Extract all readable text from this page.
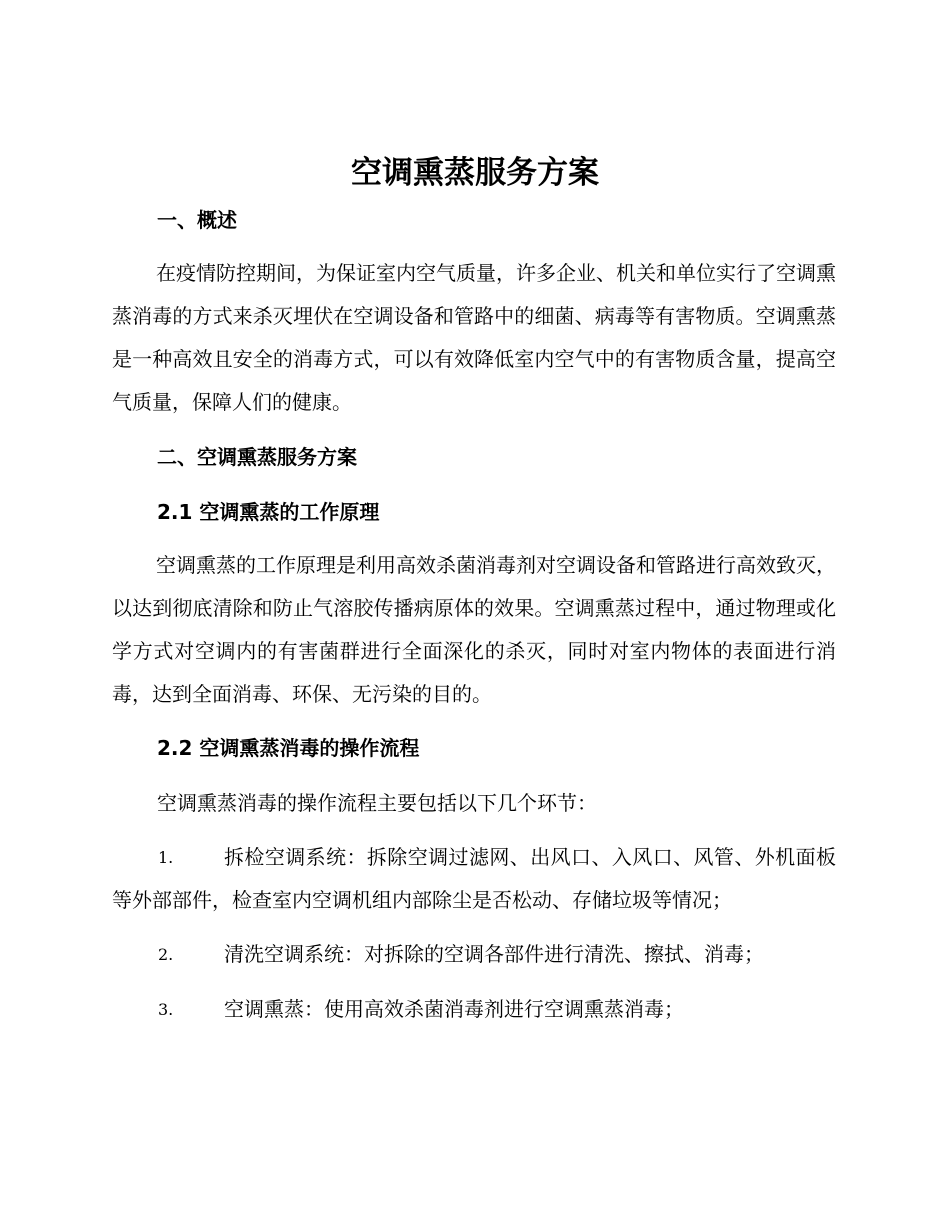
空调熏蒸服务方案
一、概述
在疫情防控期间，为保证室内空气质量，许多企业、机关和单位实行了空调熏蒸消毒的方式来杀灭埋伏在空调设备和管路中的细菌、病毒等有害物质。空调熏蒸是一种高效且安全的消毒方式，可以有效降低室内空气中的有害物质含量，提高空气质量，保障人们的健康。
二、空调熏蒸服务方案
2.1 空调熏蒸的工作原理
空调熏蒸的工作原理是利用高效杀菌消毒剂对空调设备和管路进行高效致灭，以达到彻底清除和防止气溶胶传播病原体的效果。空调熏蒸过程中，通过物理或化学方式对空调内的有害菌群进行全面深化的杀灭，同时对室内物体的表面进行消毒，达到全面消毒、环保、无污染的目的。
2.2 空调熏蒸消毒的操作流程
空调熏蒸消毒的操作流程主要包括以下几个环节：
1.	拆检空调系统：拆除空调过滤网、出风口、入风口、风管、外机面板等外部部件，检查室内空调机组内部除尘是否松动、存储垃圾等情况；
2.	清洗空调系统：对拆除的空调各部件进行清洗、擦拭、消毒；
3.	空调熏蒸：使用高效杀菌消毒剂进行空调熏蒸消毒；
